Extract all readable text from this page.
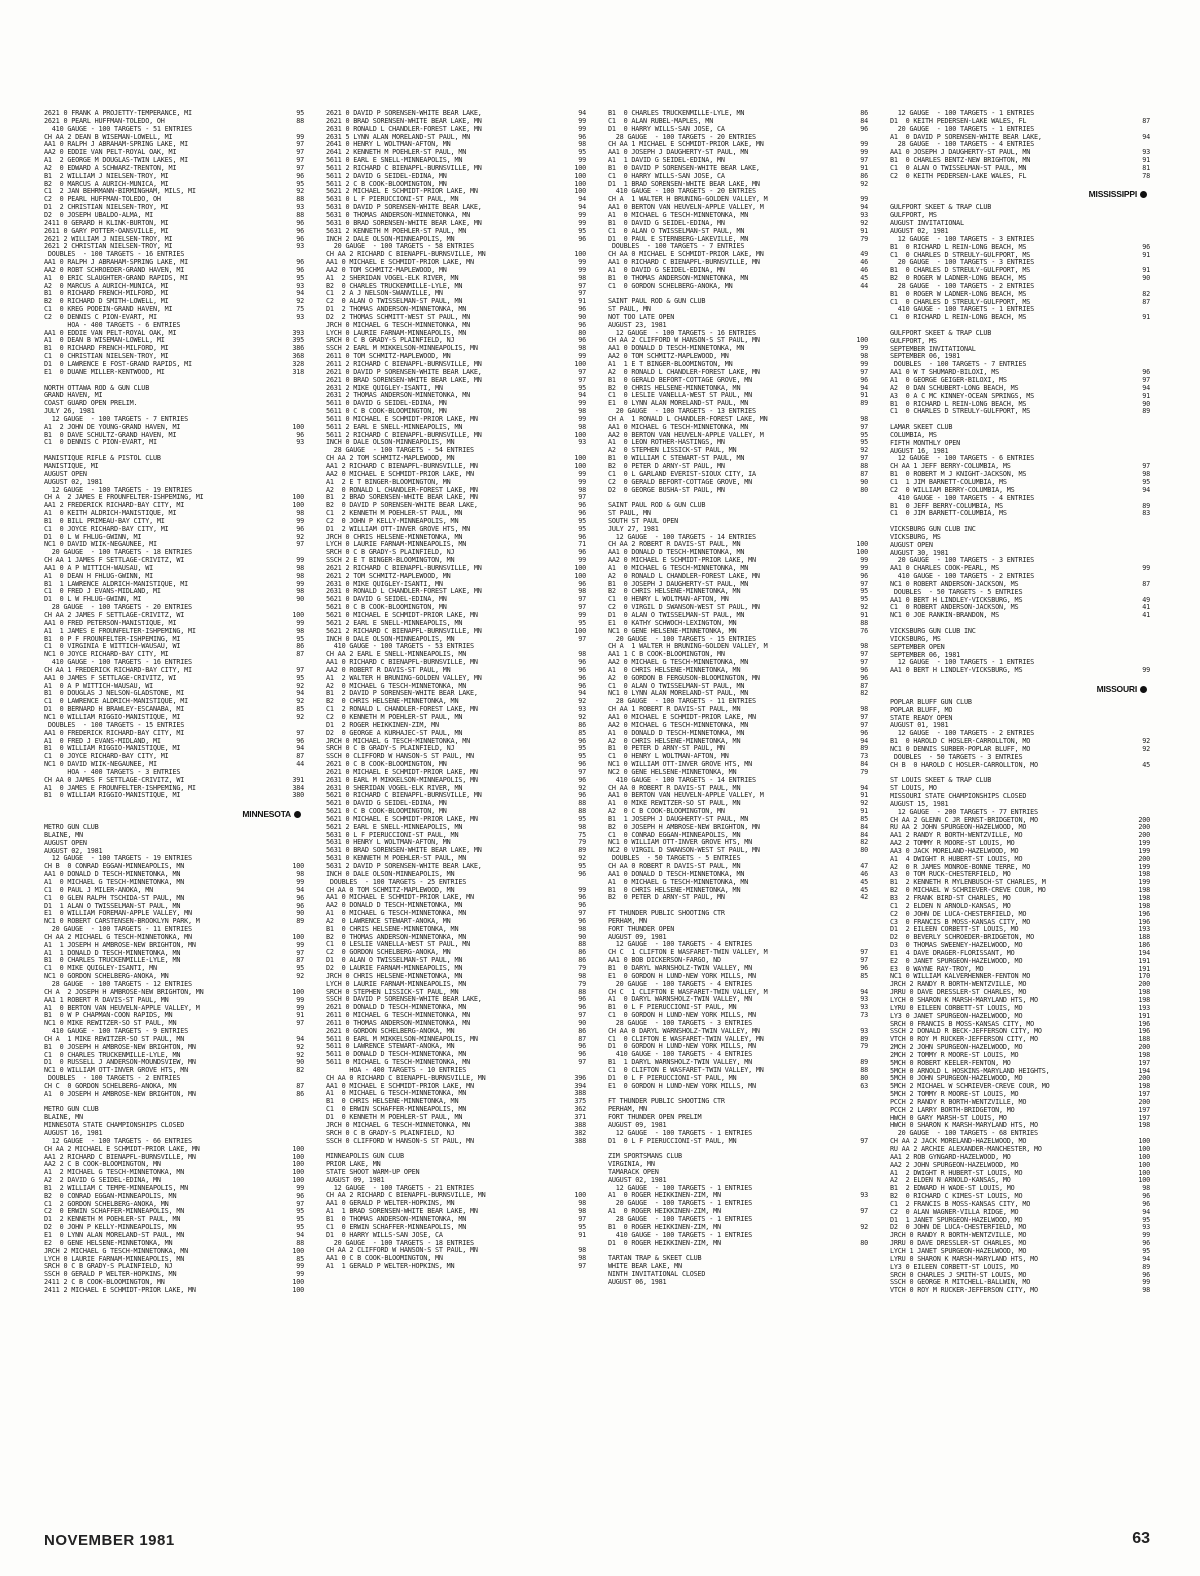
2621 0 FRANK A PROJETTY-TEMPERANCE, MI	95
2621 0 PEARL HUFFMAN-TOLEDO, OH	88
410 GAUGE - 100 TARGETS - 51 ENTRIES
CH AA 2 DEAN B WISEMAN-LOWELL, MI	99
AA1 0 RALPH J ABRAHAM-SPRING LAKE, MI	97
AA2 0 EDDIE VAN PELT-ROYAL OAK, MI	97
A1  2 GEORGE M DOUGLAS-TWIN LAKES, MI	97
A2  0 EDWARD A SCHWARZ-TRENTON, MI	97
B1  2 WILLIAM J NIELSEN-TROY, MI	96
B2  0 MARCUS A AURICH-MUNICA, MI	95
C1  2 JAN BEHRMANN-BIRMINGHAM, MILS, MI	92
C2  0 PEARL HUFFMAN-TOLEDO, OH	88
D1  2 CHRISTIAN NIELSEN-TROY, MI	93
D2  0 JOSEPH UBALDO-ALMA, MI	88
2411 0 GERARD H KLINK-BURTON, MI	96
2611 0 GARY POTTER-OANSVILLE, MI	96
2621 2 WILLIAM J NIELSEN-TROY, MI	96
2621 2 CHRISTIAN NIELSEN-TROY, MI	93
DOUBLES  - 100 TARGETS - 16 ENTRIES
AA1 0 RALPH J ABRAHAM-SPRING LAKE, MI	96
AA2 0 ROBT SCHROEDER-GRAND HAVEN, MI	96
A1  0 ERIC SLAUGHTER-GRAND RAPIDS, MI	95
A2  0 MARCUS A AURICH-MUNICA, MI	93
B1  0 RICHARD FRENCH-MILFORD, MI	94
B2  0 RICHARD D SMITH-LOWELL, MI	92
C1  0 KREG PODEIN-GRAND HAVEN, MI	75
C2  0 DENNIS C PION-EVART, MI	93
HOA - 400 TARGETS - 6 ENTRIES
AA1 0 EDDIE VAN PELT-ROYAL OAK, MI	393
A1  0 DEAN B WISEMAN-LOWELL, MI	395
B1  0 RICHARD FRENCH-MILFORD, MI	386
C1  0 CHRISTIAN NIELSEN-TROY, MI	368
D1  0 LAWRENCE E FOST-GRAND RAPIDS, MI	328
E1  0 DUANE MILLER-KENTWOOD, MI	318
NORTH OTTAWA ROD & GUN CLUB
GRAND HAVEN, MI
COAST GUARD OPEN PRELIM.
JULY 26, 1981
12 GAUGE  - 100 TARGETS - 7 ENTRIES
A1  2 JOHN DE YOUNG-GRAND HAVEN, MI	100
B1  0 DAVE SCHULTZ-GRAND HAVEN, MI	96
C1  0 DENNIS C PION-EVART, MI	93
MANISTIQUE RIFLE & PISTOL CLUB
MANISTIQUE, MI
AUGUST OPEN
AUGUST 02, 1981
12 GAUGE  - 100 TARGETS - 19 ENTRIES
CH A  2 JAMES E FROUNFELTER-ISHPEMING, MI	100
AA1 2 FREDERICK RICHARD-BAY CITY, MI	100
A1  0 KEITH ALDRICH-MANISTIQUE, MI	98
B1  0 BILL PRIMEAU-BAY CITY, MI	99
C1  0 JOYCE RICHARD-BAY CITY, MI	96
D1  0 L W FHLUG-GWINN, MI	92
NC1 0 DAVID WIIK-NEGAUNEE, MI	97
20 GAUGE  - 100 TARGETS - 18 ENTRIES
CH AA 1 JAMES F SETTLAGE-CRIVITZ, WI	99
AA1 0 A P WITTICH-WAUSAU, WI	98
A1  0 DEAN H FHLUG-GWINN, MI	98
B1  1 LAWRENCE ALDRICH-MANISTIQUE, MI	99
C1  0 FRED J EVANS-MIDLAND, MI	98
D1  0 L W FHLUG-GWINN, MI	90
28 GAUGE  - 100 TARGETS - 20 ENTRIES
CH AA 2 JAMES F SETTLAGE-CRIVITZ, WI	100
AA1 0 FRED PETERSON-MANISTIQUE, MI	99
A1  1 JAMES E FROUNFELTER-ISHPEMING, MI	98
B1  0 P F FROUNFELTER-ISHPEMING, MI	95
C1  0 VIRGINIA E WITTICH-WAUSAU, WI	86
NC1 0 JOYCE RICHARD-BAY CITY, MI	87
410 GAUGE - 100 TARGETS - 16 ENTRIES
CH AA 1 FREDERICK RICHARD-BAY CITY, MI	97
AA1 0 JAMES F SETTLAGE-CRIVITZ, WI	95
A1  0 A P WITTICH-WAUSAU, WI	92
B1  0 DOUGLAS J NELSON-GLADSTONE, MI	94
C1  0 LAWRENCE ALDRICH-MANISTIQUE, MI	92
D1  0 BERNARD H BRAWLEY-ESCANABA, MI	85
NC1 0 WILLIAM RIGGIO-MANISTIQUE, MI	92
DOUBLES  - 100 TARGETS - 15 ENTRIES
AA1 0 FREDERICK RICHARD-BAY CITY, MI	97
A1  0 FRED J EVANS-MIDLAND, MI	96
B1  0 WILLIAM RIGGIO-MANISTIQUE, MI	94
C1  0 JOYCE RICHARD-BAY CITY, MI	87
NC1 0 DAVID WIIK-NEGAUNEE, MI	44
HOA - 400 TARGETS - 3 ENTRIES
CH AA 0 JAMES F SETTLAGE-CRIVITZ, WI	391
A1  0 JAMES E FROUNFELTER-ISHPEMING, MI	384
B1  0 WILLIAM RIGGIO-MANISTIQUE, MI	380
MINNESOTA
METRO GUN CLUB
BLAINE, MN
AUGUST OPEN
AUGUST 02, 1981
12 GAUGE  - 100 TARGETS - 19 ENTRIES
CH B  0 CONRAD EGGAN-MINNEAPOLIS, MN	100
AA1 0 DONALD D TESCH-MINNETONKA, MN	98
A1  0 MICHAEL G TESCH-MINNETONKA, MN	99
C1  0 PAUL J MILER-ANOKA, MN	94
C1  0 GLEN RALPH TSCHIDA-ST PAUL, MN	96
D1  1 ALAN O TWISSELMAN-ST PAUL, MN	96
E1  0 WILLIAM FOREMAN-APPLE VALLEY, MN	90
NC1 0 ROBERT CARSTENSEN-BROOKLYN PARK, M	89
20 GAUGE  - 100 TARGETS - 11 ENTRIES
CH AA 2 MICHAEL G TESCH-MINNETONKA, MN	100
A1  1 JOSEPH H AMBROSE-NEW BRIGHTON, MN	99
A1  1 DONALD D TESCH-MINNETONKA, MN	97
B1  0 CHARLES TRUCKENMILLE-LYLE, MN	87
C1  0 MIKE QUIGLEY-ISANTI, MN	95
NC1 0 GORDON SCHELBERG-ANOKA, MN	92
28 GAUGE  - 100 TARGETS - 12 ENTRIES
CH A  2 JOSEPH H AMBROSE-NEW BRIGHTON, MN	100
AA1 1 ROBERT R DAVIS-ST PAUL, MN	99
A1  0 BERTON VAN HEUVELN-APPLE VALLEY, M	99
B1  0 W P CHAPMAN-COON RAPIDS, MN	91
NC1 0 MIKE REWITZER-SO ST PAUL, MN	97
410 GAUGE - 100 TARGETS - 9 ENTRIES
CH A  1 MIKE REWITZER-SO ST PAUL, MN	94
B1  0 JOSEPH H AMBROSE-NEW BRIGHTON, MN	92
C1  0 CHARLES TRUCKENMILLE-LYLE, MN	92
D1  0 RUSSELL J ANDERSON-MOUNDSVIEW, MN	90
NC1 0 WILLIAM OTT-INVER GROVE HTS, MN	82
DOUBLES  - 100 TARGETS - 2 ENTRIES
CH C  0 GORDON SCHELBERG-ANOKA, MN	87
A1  0 JOSEPH H AMBROSE-NEW BRIGHTON, MN	86
METRO GUN CLUB
BLAINE, MN
MINNESOTA STATE CHAMPIONSHIPS CLOSED
AUGUST 16, 1981
12 GAUGE  - 100 TARGETS - 66 ENTRIES
CH AA 2 MICHAEL E SCHMIDT-PRIOR LAKE, MN	100
AA1 2 RICHARD C BIENAPFL-BURNSVILLE, MN	100
AA2 2 C B COOK-BLOOMINGTON, MN	100
A1  2 MICHAEL G TESCH-MINNETONKA, MN	100
A2  2 DAVID G SEIDEL-EDINA, MN	100
B1  2 WILLIAM C TEMPE-MINNEAPOLIS, MN	99
B2  0 CONRAD EGGAN-MINNEAPOLIS, MN	96
C1  2 GORDON SCHELBERG-ANOKA, MN	97
C2  0 ERWIN SCHAFFER-MINNEAPOLIS, MN	95
D1  2 KENNETH M POEHLER-ST PAUL, MN	95
D2  0 JOHN P KELLY-MINNEAPOLIS, MN	95
E1  0 LYNN ALAN MORELAND-ST PAUL, MN	94
E2  0 GENE HELSENE-MINNETONKA, MN	88
JRCH 2 MICHAEL G TESCH-MINNETONKA, MN	100
LYCH 0 LAURIE FARNAM-MINNEAPOLIS, MN	85
SRCH 0 C B GRADY-S PLAINFIELD, NJ	99
SSCH 0 GERALD P WELTER-HOPKINS, MN	99
2411 2 C B COOK-BLOOMINGTON, MN	100
2411 2 MICHAEL E SCHMIDT-PRIOR LAKE, MN	100
2621 0 DAVID P SORENSEN-WHITE BEAR LAKE,	94
2621 0 BRAD SORENSEN-WHITE BEAR LAKE, MN	99
2631 0 RONALD L CHANDLER-FOREST LAKE, MN	99
2631 5 LYNN ALAN MORELAND-ST PAUL, MN	96
2641 0 HENRY L WOLTMAN-AFTON, MN	98
2641 2 KENNETH M POEHLER-ST PAUL, MN	95
5611 0 EARL E SNELL-MINNEAPOLIS, MN	99
5611 2 RICHARD C BIENAPFL-BURNSVILLE, MN	100
5611 2 DAVID G SEIDEL-EDINA, MN	100
5611 2 C B COOK-BLOOMINGTON, MN	100
5621 2 MICHAEL E SCHMIDT-PRIOR LAKE, MN	100
5631 0 L F PIERUCCIONI-ST PAUL, MN	94
5631 0 DAVID P SORENSEN-WHITE BEAR LAKE,	94
5631 0 THOMAS ANDERSON-MINNETONKA, MN	99
5631 0 BRAD SORENSEN-WHITE BEAR LAKE, MN	99
5631 2 KENNETH M POEHLER-ST PAUL, MN	95
INCH 2 DALE OLSON-MINNEAPOLIS, MN	96
20 GAUGE  - 100 TARGETS - 58 ENTRIES
CH AA 2 RICHARD C BIENAPFL-BURNSVILLE, MN	100
AA1 0 MICHAEL E SCHMIDT-PRIOR LAKE, MN	99
AA2 0 TOM SCHMITZ-MAPLEWOOD, MN	99
A1  2 SHERIDAN VOGEL-ELK RIVER, MN	98
B2  0 CHARLES TRUCKENMILLE-LYLE, MN	97
C1  2 A J NELSON-SWANVILLE, MN	97
C2  0 ALAN O TWISSELMAN-ST PAUL, MN	91
D1  2 THOMAS ANDERSON-MINNETONKA, MN	96
D2  2 THOMAS SCHMITT-WEST ST PAUL, MN	90
JRCH 0 MICHAEL G TESCH-MINNETONKA, MN	96
LYCH 0 LAURIE FARNAM-MINNEAPOLIS, MN	80
SRCH 0 C B GRADY-S PLAINFIELD, NJ	96
SSCH 2 EARL M MIKKELSON-MINNEAPOLIS, MN	98
2611 0 TOM SCHMITZ-MAPLEWOOD, MN	99
2611 2 RICHARD C BIENAPFL-BURNSVILLE, MN	100
2621 0 DAVID P SORENSEN-WHITE BEAR LAKE,	97
2621 0 BRAD SORENSEN-WHITE BEAR LAKE, MN	97
2631 2 MIKE QUIGLEY-ISANTI, MN	95
2631 2 THOMAS ANDERSON-MINNETONKA, MN	94
5611 0 DAVID G SEIDEL-EDINA, MN	99
5611 0 C B COOK-BLOOMINGTON, MN	98
5611 0 MICHAEL E SCHMIDT-PRIOR LAKE, MN	99
5611 2 EARL E SNELL-MINNEAPOLIS, MN	98
5611 2 RICHARD C BIENAPFL-BURNSVILLE, MN	100
INCH 0 DALE OLSON-MINNEAPOLIS, MN	93
28 GAUGE  - 100 TARGETS - 54 ENTRIES
CH AA 2 TOM SCHMITZ-MAPLEWOOD, MN	100
AA1 2 RICHARD C BIENAPFL-BURNSVILLE, MN	100
AA2 0 MICHAEL E SCHMIDT-PRIOR LAKE, MN	99
A1  2 E T BINGER-BLOOMINGTON, MN	99
A2  0 RONALD L CHANDLER-FOREST LAKE, MN	98
B1  2 BRAD SORENSEN-WHITE BEAR LAKE, MN	97
B2  0 DAVID P SORENSEN-WHITE BEAR LAKE,	96
C1  2 KENNETH M POEHLER-ST PAUL, MN	96
C2  0 JOHN P KELLY-MINNEAPOLIS, MN	95
D1  2 WILLIAM OTT-INVER GROVE HTS, MN	95
JRCH 0 CHRIS HELSENE-MINNETONKA, MN	96
LYCH 0 LAURIE FARNAM-MINNEAPOLIS, MN	71
SRCH 0 C B GRADY-S PLAINFIELD, NJ	96
SSCH 2 E T BINGER-BLOOMINGTON, MN	99
2621 2 RICHARD C BIENAPFL-BURNSVILLE, MN	100
2621 2 TOM SCHMITZ-MAPLEWOOD, MN	100
2631 0 MIKE QUIGLEY-ISANTI, MN	96
2631 0 RONALD L CHANDLER-FOREST LAKE, MN	98
5621 0 DAVID G SEIDEL-EDINA, MN	97
5621 0 C B COOK-BLOOMINGTON, MN	97
5621 0 MICHAEL E SCHMIDT-PRIOR LAKE, MN	99
5621 2 EARL E SNELL-MINNEAPOLIS, MN	95
5621 2 RICHARD C BIENAPFL-BURNSVILLE, MN	100
INCH 0 DALE OLSON-MINNEAPOLIS, MN	97
410 GAUGE - 100 TARGETS - 53 ENTRIES
CH AA 2 EARL E SNELL-MINNEAPOLIS, MN	98
AA1 0 RICHARD C BIENAPFL-BURNSVILLE, MN	96
AA2 0 ROBERT R DAVIS-ST PAUL, MN	96
A1  2 WALTER H BRUNING-GOLDEN VALLEY, MN	96
A2  0 MICHAEL G TESCH-MINNETONKA, MN	96
B1  2 DAVID P SORENSEN-WHITE BEAR LAKE,	94
B2  0 CHRIS HELSENE-MINNETONKA, MN	92
C1  2 RONALD L CHANDLER-FOREST LAKE, MN	93
C2  0 KENNETH M POEHLER-ST PAUL, MN	92
D1  2 ROGER HEIKKINEN-ZIM, MN	86
D2  0 GEORGE A KURHAJEC-ST PAUL, MN	85
JRCH 0 MICHAEL G TESCH-MINNETONKA, MN	96
SRCH 0 C B GRADY-S PLAINFIELD, NJ	95
SSCH 0 CLIFFORD W HANSON-S ST PAUL, MN	95
2621 0 C B COOK-BLOOMINGTON, MN	96
2621 0 MICHAEL E SCHMIDT-PRIOR LAKE, MN	97
2631 0 EARL M MIKKELSON-MINNEAPOLIS, MN	96
2631 0 SHERIDAN VOGEL-ELK RIVER, MN	92
5621 0 RICHARD C BIENAPFL-BURNSVILLE, MN	96
5621 0 DAVID G SEIDEL-EDINA, MN	88
5621 0 C B COOK-BLOOMINGTON, MN	88
5621 0 MICHAEL E SCHMIDT-PRIOR LAKE, MN	95
5621 2 EARL E SNELL-MINNEAPOLIS, MN	98
5631 0 L F PIERUCCIONI-ST PAUL, MN	75
5631 0 HENRY L WOLTMAN-AFTON, MN	79
5631 0 BRAD SORENSEN-WHITE BEAR LAKE, MN	89
5631 0 KENNETH M POEHLER-ST PAUL, MN	92
5631 2 DAVID P SORENSEN-WHITE BEAR LAKE,	95
INCH 0 DALE OLSON-MINNEAPOLIS, MN	96
DOUBLES  - 100 TARGETS - 25 ENTRIES
CH AA 0 TOM SCHMITZ-MAPLEWOOD, MN	99
AA1 0 MICHAEL E SCHMIDT-PRIOR LAKE, MN	96
AA2 0 DONALD D TESCH-MINNETONKA, MN	96
A1  0 MICHAEL G TESCH-MINNETONKA, MN	97
A2  0 LAWRENCE STEWART-ANOKA, MN	96
B1  0 CHRIS HELSENE-MINNETONKA, MN	98
B2  0 THOMAS ANDERSON-MINNETONKA, MN	90
C1  0 LESLIE VANELLA-WEST ST PAUL, MN	88
C2  0 GORDON SCHELBERG-ANOKA, MN	86
D1  0 ALAN O TWISSELMAN-ST PAUL, MN	86
D2  0 LAURIE FARNAM-MINNEAPOLIS, MN	79
JRCH 0 CHRIS HELSENE-MINNETONKA, MN	98
LYCH 0 LAURIE FARNAM-MINNEAPOLIS, MN	79
SRCH 0 STEPHEN LISSICK-ST PAUL, MN	88
SSCH 0 DAVID P SORENSEN-WHITE BEAR LAKE,	96
2621 0 DONALD D TESCH-MINNETONKA, MN	96
2611 0 MICHAEL G TESCH-MINNETONKA, MN	97
2611 0 THOMAS ANDERSON-MINNETONKA, MN	90
2621 0 GORDON SCHELBERG-ANOKA, MN	86
5611 0 EARL M MIKKELSON-MINNEAPOLIS, MN	87
5611 0 LAWRENCE STEWART-ANOKA, MN	96
5611 0 DONALD D TESCH-MINNETONKA, MN	96
5611 0 MICHAEL G TESCH-MINNETONKA, MN	97
HOA - 400 TARGETS - 10 ENTRIES
CH AA 0 RICHARD C BIENAPFL-BURNSVILLE, MN	396
AA1 0 MICHAEL E SCHMIDT-PRIOR LAKE, MN	394
A1  0 MICHAEL G TESCH-MINNETONKA, MN	388
B1  0 CHRIS HELSENE-MINNETONKA, MN	375
C1  0 ERWIN SCHAFFER-MINNEAPOLIS, MN	362
D1  0 KENNETH M POEHLER-ST PAUL, MN	371
JRCH 0 MICHAEL G TESCH-MINNETONKA, MN	388
SRCH 0 C B GRADY-S PLAINFIELD, NJ	382
SSCH 0 CLIFFORD W HANSON-S ST PAUL, MN	388
MINNEAPOLIS GUN CLUB
PRIOR LAKE, MN
STATE SHOOT WARM-UP OPEN
AUGUST 09, 1981
12 GAUGE  - 100 TARGETS - 21 ENTRIES
CH AA 2 RICHARD C BIENAPFL-BURNSVILLE, MN	100
AA1 0 GERALD P WELTER-HOPKINS, MN	98
A1  1 BRAD SORENSEN-WHITE BEAR LAKE, MN	98
B1  0 THOMAS ANDERSON-MINNETONKA, MN	97
C1  0 ERWIN SCHAFFER-MINNEAPOLIS, MN	95
D1  0 HARRY WILLS-SAN JOSE, CA	91
20 GAUGE  - 100 TARGETS - 18 ENTRIES
CH AA 2 CLIFFORD W HANSON-S ST PAUL, MN	98
AA1 0 C B COOK-BLOOMINGTON, MN	98
A1  1 GERALD P WELTER-HOPKINS, MN	97
B1  0 CHARLES TRUCKENMILLE-LYLE, MN	86
C1  0 ALAN RUBEL-MAPLES, MN	84
D1  0 HARRY WILLS-SAN JOSE, CA	96
28 GAUGE  - 100 TARGETS - 20 ENTRIES
CH AA 1 MICHAEL E SCHMIDT-PRIOR LAKE, MN	99
AA1 0 JOSEPH J DAUGHERTY-ST PAUL, MN	99
A1  1 DAVID G SEIDEL-EDINA, MN	97
B1  0 DAVID P SORENSEN-WHITE BEAR LAKE,	91
C1  0 HARRY WILLS-SAN JOSE, CA	86
D1  1 BRAD SORENSEN-WHITE BEAR LAKE, MN	92
410 GAUGE - 100 TARGETS - 20 ENTRIES
CH A  1 WALTER H BRUNING-GOLDEN VALLEY, M	99
AA1 0 BERTON VAN HEUVELN-APPLE VALLEY, M	94
A1  0 MICHAEL G TESCH-MINNETONKA, MN	93
B1  0 DAVID G SEIDEL-EDINA, MN	92
C1  0 ALAN O TWISSELMAN-ST PAUL, MN	91
D1  0 PAUL E STERNBERG-LAKEVILLE, MN	79
DOUBLES  - 100 TARGETS - 7 ENTRIES
CH AA 0 MICHAEL E SCHMIDT-PRIOR LAKE, MN	49
AA1 0 RICHARD C BIENAPFL-BURNSVILLE, MN	46
A1  0 DAVID G SEIDEL-EDINA, MN	46
B1  0 THOMAS ANDERSON-MINNETONKA, MN	45
C1  0 GORDON SCHELBERG-ANOKA, MN	44
SAINT PAUL ROD & GUN CLUB
ST PAUL, MN
NOT TOO LATE OPEN
AUGUST 23, 1981
12 GAUGE  - 100 TARGETS - 16 ENTRIES
CH AA 2 CLIFFORD W HANSON-S ST PAUL, MN	100
AA1 0 DONALD D TESCH-MINNETONKA, MN	99
AA2 0 TOM SCHMITZ-MAPLEWOOD, MN	98
A1  1 E T BINGER-BLOOMINGTON, MN	99
A2  0 RONALD L CHANDLER-FOREST LAKE, MN	97
B1  0 GERALD BEFORT-COTTAGE GROVE, MN	96
B2  0 CHRIS HELSENE-MINNETONKA, MN	94
C1  0 LESLIE VANELLA-WEST ST PAUL, MN	91
E1  0 LYNN ALAN MORELAND-ST PAUL, MN	89
20 GAUGE  - 100 TARGETS - 13 ENTRIES
CH A  1 RONALD L CHANDLER-FOREST LAKE, MN	98
AA1 0 MICHAEL G TESCH-MINNETONKA, MN	97
AA2 0 BERTON VAN HEUVELN-APPLE VALLEY, M	95
A1  0 LEON ROTHER-HASTINGS, MN	95
A2  0 STEPHEN LISSICK-ST PAUL, MN	92
B1  0 WILLIAM C STEWART-ST PAUL, MN	97
B2  0 PETER D ARNY-ST PAUL, MN	88
C1  0 L GARLAND EVERIST-SIOUX CITY, IA	87
C2  0 GERALD BEFORT-COTTAGE GROVE, MN	90
D2  0 GEORGE BUSHA-ST PAUL, MN	80
SAINT PAUL ROD & GUN CLUB
ST PAUL, MN
SOUTH ST PAUL OPEN
JULY 27, 1981
12 GAUGE  - 100 TARGETS - 14 ENTRIES
CH AA 2 ROBERT R DAVIS-ST PAUL, MN	100
AA1 0 DONALD D TESCH-MINNETONKA, MN	100
AA2 0 MICHAEL E SCHMIDT-PRIOR LAKE, MN	99
A1  0 MICHAEL G TESCH-MINNETONKA, MN	99
A2  0 RONALD L CHANDLER-FOREST LAKE, MN	96
B1  0 JOSEPH J DAUGHERTY-ST PAUL, MN	97
B2  0 CHRIS HELSENE-MINNETONKA, MN	95
C1  0 HENRY L WOLTMAN-AFTON, MN	95
C2  0 VIRGIL D SWANSON-WEST ST PAUL, MN	92
D1  0 ALAN O TWISSELMAN-ST PAUL, MN	91
E1  0 KATHY SCHWOCH-LEXINGTON, MN	88
NC1 0 GENE HELSENE-MINNETONKA, MN	76
20 GAUGE  - 100 TARGETS - 15 ENTRIES
CH A  1 WALTER H BRUNING-GOLDEN VALLEY, M	98
AA1 1 C B COOK-BLOOMINGTON, MN	97
AA2 0 MICHAEL G TESCH-MINNETONKA, MN	97
A1  0 CHRIS HELSENE-MINNETONKA, MN	96
A2  0 GORDON B FERGUSON-BLOOMINGTON, MN	96
C1  0 ALAN O TWISSELMAN-ST PAUL, MN	87
NC1 0 LYNN ALAN MORELAND-ST PAUL, MN	82
28 GAUGE  - 100 TARGETS - 11 ENTRIES
CH AA 1 ROBERT R DAVIS-ST PAUL, MN	98
AA1 0 MICHAEL E SCHMIDT-PRIOR LAKE, MN	97
AA2 0 MICHAEL G TESCH-MINNETONKA, MN	97
A1  0 DONALD D TESCH-MINNETONKA, MN	96
A2  0 CHRIS HELSENE-MINNETONKA, MN	94
B1  0 PETER D ARNY-ST PAUL, MN	89
C1  0 HENRY L WOLTMAN-AFTON, MN	73
NC1 0 WILLIAM OTT-INVER GROVE HTS, MN	84
NC2 0 GENE HELSENE-MINNETONKA, MN	79
410 GAUGE - 100 TARGETS - 14 ENTRIES
CH AA 0 ROBERT R DAVIS-ST PAUL, MN	94
AA1 0 BERTON VAN HEUVELN-APPLE VALLEY, M	91
A1  0 MIKE REWITZER-SO ST PAUL, MN	92
A2  0 C B COOK-BLOOMINGTON, MN	91
B1  1 JOSEPH J DAUGHERTY-ST PAUL, MN	85
B2  0 JOSEPH H AMBROSE-NEW BRIGHTON, MN	84
C1  0 CONRAD EGGAN-MINNEAPOLIS, MN	84
NC1 0 WILLIAM OTT-INVER GROVE HTS, MN	82
NC2 0 VIRGIL D SWANSON-WEST ST PAUL, MN	80
DOUBLES  - 50 TARGETS - 5 ENTRIES
CH AA 0 ROBERT R DAVIS-ST PAUL, MN	47
AA1 0 DONALD D TESCH-MINNETONKA, MN	46
A1  0 MICHAEL G TESCH-MINNETONKA, MN	45
B1  0 CHRIS HELSENE-MINNETONKA, MN	45
B2  0 PETER D ARNY-ST PAUL, MN	42
FT THUNDER PUBLIC SHOOTING CTR
PERHAM, MN
FORT THUNDER OPEN
AUGUST 09, 1981
12 GAUGE  - 100 TARGETS - 4 ENTRIES
CH C  1 CLIFTON E WASFARET-TWIN VALLEY, M	97
AA1 0 BOB DICKERSON-FARGO, ND	97
B1  0 DARYL WARNSHOLZ-TWIN VALLEY, MN	96
E1  0 GORDON H LUND-NEW YORK MILLS, MN	85
20 GAUGE  - 100 TARGETS - 4 ENTRIES
CH C  1 CLIFTON E WASFARET-TWIN VALLEY, M	94
A1  0 DARYL WARNSHOLZ-TWIN VALLEY, MN	93
B1  0 L F PIERUCCIONI-ST PAUL, MN	93
C1  0 GORDON H LUND-NEW YORK MILLS, MN	73
28 GAUGE  - 100 TARGETS - 3 ENTRIES
CH AA 0 DARYL WARNSHOLZ-TWIN VALLEY, MN	93
C1  0 CLIFTON E WASFARET-TWIN VALLEY, MN	89
D1  0 GORDON H LUND-NEW YORK MILLS, MN	79
410 GAUGE - 100 TARGETS - 4 ENTRIES
B1  1 DARYL WARNSHOLZ-TWIN VALLEY, MN	89
C1  0 CLIFTON E WASFARET-TWIN VALLEY, MN	88
D1  0 L F PIERUCCIONI-ST PAUL, MN	80
E1  0 GORDON H LUND-NEW YORK MILLS, MN	63
FT THUNDER PUBLIC SHOOTING CTR
PERHAM, MN
FORT THUNDER OPEN PRELIM
AUGUST 09, 1981
12 GAUGE  - 100 TARGETS - 1 ENTRIES
D1  0 L F PIERUCCIONI-ST PAUL, MN	97
ZIM SPORTSMANS CLUB
VIRGINIA, MN
TAMARACK OPEN
AUGUST 02, 1981
12 GAUGE  - 100 TARGETS - 1 ENTRIES
A1  0 ROGER HEIKKINEN-ZIM, MN	93
20 GAUGE  - 100 TARGETS - 1 ENTRIES
A1  0 ROGER HEIKKINEN-ZIM, MN	97
28 GAUGE  - 100 TARGETS - 1 ENTRIES
B1  0 ROGER HEIKKINEN-ZIM, MN	92
410 GAUGE - 100 TARGETS - 1 ENTRIES
D1  0 ROGER HEIKKINEN-ZIM, MN	80
TARTAN TRAP & SKEET CLUB
WHITE BEAR LAKE, MN
NINTH INVITATIONAL CLOSED
AUGUST 06, 1981
12 GAUGE  - 100 TARGETS - 1 ENTRIES
D1  0 KEITH PEDERSEN-LAKE WALES, FL	87
20 GAUGE  - 100 TARGETS - 1 ENTRIES
A1  0 DAVID P SORENSEN-WHITE BEAR LAKE,	94
28 GAUGE  - 100 TARGETS - 4 ENTRIES
AA1 0 JOSEPH J DAUGHERTY-ST PAUL, MN	93
B1  0 CHARLES BENTZ-NEW BRIGHTON, MN	91
C1  0 ALAN O TWISSELMAN-ST PAUL, MN	81
C2  0 KEITH PEDERSEN-LAKE WALES, FL	78
MISSISSIPPI
GULFPORT SKEET & TRAP CLUB
GULFPORT, MS
AUGUST INVITATIONAL
AUGUST 02, 1981
12 GAUGE  - 100 TARGETS - 3 ENTRIES
B1  0 RICHARD L REIN-LONG BEACH, MS	96
C1  0 CHARLES D STREULY-GULFPORT, MS	91
20 GAUGE  - 100 TARGETS - 3 ENTRIES
B1  0 CHARLES D STREULY-GULFPORT, MS	91
B2  0 ROGER W LADNER-LONG BEACH, MS	90
28 GAUGE  - 100 TARGETS - 2 ENTRIES
B1  0 ROGER W LADNER-LONG BEACH, MS	82
C1  0 CHARLES D STREULY-GULFPORT, MS	87
410 GAUGE - 100 TARGETS - 1 ENTRIES
C1  0 RICHARD L REIN-LONG BEACH, MS	91
GULFPORT SKEET & TRAP CLUB
GULFPORT, MS
SEPTEMBER INVITATIONAL
SEPTEMBER 06, 1981
DOUBLES  - 100 TARGETS - 7 ENTRIES
AA1 0 W T SHUMARD-BILOXI, MS	96
A1  0 GEORGE GEIGER-BILOXI, MS	97
A2  0 DAN SCHUBERT-LONG BEACH, MS	94
A3  0 A C MC KINNEY-OCEAN SPRINGS, MS	91
B1  0 RICHARD L REIN-LONG BEACH, MS	90
C1  0 CHARLES D STREULY-GULFPORT, MS	89
LAMAR SKEET CLUB
COLUMBIA, MS
FIFTH MONTHLY OPEN
AUGUST 16, 1981
12 GAUGE  - 100 TARGETS - 6 ENTRIES
CH AA 1 JEFF BERRY-COLUMBIA, MS	97
B1  0 ROBERT M J KNIGHT-JACKSON, MS	98
C1  1 JIM BARNETT-COLUMBIA, MS	95
C2  0 WILLIAM BERRY-COLUMBIA, MS	94
410 GAUGE - 100 TARGETS - 4 ENTRIES
B1  0 JEFF BERRY-COLUMBIA, MS	89
C1  0 JIM BARNETT-COLUMBIA, MS	83
VICKSBURG GUN CLUB INC
VICKSBURG, MS
AUGUST OPEN
AUGUST 30, 1981
20 GAUGE  - 100 TARGETS - 3 ENTRIES
AA1 0 CHARLES COOK-PEARL, MS	99
410 GAUGE - 100 TARGETS - 2 ENTRIES
NC1 0 ROBERT ANDERSON-JACKSON, MS	87
DOUBLES  - 50 TARGETS - 5 ENTRIES
AA1 0 BERT H LINDLEY-VICKSBURG, MS	49
C1  0 ROBERT ANDERSON-JACKSON, MS	41
NC1 0 JOE RANKIN-BRANDON, MS	41
VICKSBURG GUN CLUB INC
VICKSBURG, MS
SEPTEMBER OPEN
SEPTEMBER 06, 1981
12 GAUGE  - 100 TARGETS - 1 ENTRIES
AA1 0 BERT H LINDLEY-VICKSBURG, MS	99
MISSOURI
POPLAR BLUFF GUN CLUB
POPLAR BLUFF, MO
STATE READY OPEN
AUGUST 01, 1981
12 GAUGE  - 100 TARGETS - 2 ENTRIES
B1  0 HAROLD C HOSLER-CARROLLTON, MO	92
NC1 0 DENNIS SURBER-POPLAR BLUFF, MO	92
DOUBLES  - 50 TARGETS - 3 ENTRIES
CH B  0 HAROLD C HOSLER-CARROLLTON, MO	45
ST LOUIS SKEET & TRAP CLUB
ST LOUIS, MO
MISSOURI STATE CHAMPIONSHIPS CLOSED
AUGUST 15, 1981
12 GAUGE  - 200 TARGETS - 77 ENTRIES
CH AA 2 GLENN C JR ERNST-BRIDGETON, MO	200
RU AA 2 JOHN SPURGEON-HAZELWOOD, MO	200
AA1 2 RANDY R BORTH-WENTZVILLE, MO	200
AA2 2 TOMMY R MOORE-ST LOUIS, MO	199
AA3 0 JACK MORELAND-HAZELWOOD, MO	199
A1  4 DWIGHT R HUBERT-ST LOUIS, MO	200
A2  0 R JAMES MONROE-BONNE TERRE, MO	199
A3  0 TOM RUCK-CHESTERFIELD, MO	198
B1  2 KENNETH R MYLENBUSCH-ST CHARLES, M	199
B2  0 MICHAEL W SCHRIEVER-CREVE COUR, MO	198
B3  2 FRANK BIRD-ST CHARLES, MO	198
C1  2 ELDEN N ARNOLD-KANSAS, MO	198
C2  0 JOHN DE LUCA-CHESTERFIELD, MO	196
C3  0 FRANCIS B MOSS-KANSAS CITY, MO	196
D1  2 EILEEN CORBETT-ST LOUIS, MO	193
D2  0 BEVERLY SCHROEDER-BRIDGETON, MO	188
D3  0 THOMAS SWEENEY-HAZELWOOD, MO	186
E1  4 DAVE DRAGER-FLORISSANT, MO	194
E2  0 JANET SPURGEON-HAZELWOOD, MO	191
E3  0 WAYNE RAY-TROY, MO	191
NC1 0 WILLIAM KALVERHENNER-FENTON MO	170
JRCH 2 RANDY R BORTH-WENTZVILLE, MO	200
JRRU 0 DAVE DRESSLER-ST CHARLES, MO	198
LYCH 0 SHARON K MARSH-MARYLAND HTS, MO	198
LYRU 0 EILEEN CORBETT-ST LOUIS, MO	193
LY3 0 JANET SPURGEON-HAZELWOOD, MO	191
SRCH 0 FRANCIS B MOSS-KANSAS CITY, MO	196
SSCH 2 DONALD R BECK-JEFFERSON CITY, MO	196
VTCH 0 ROY M RUCKER-JEFFERSON CITY, MO	188
2MCH 2 JOHN SPURGEON-HAZELWOOD, MO	200
2MCH 2 TOMMY R MOORE-ST LOUIS, MO	198
5MCH 0 ROBERT KEELER-FENTON, MO	197
5MCH 0 ARNOLD L HOSKINS-MARYLAND HEIGHTS,	194
5MCH 0 JOHN SPURGEON-HAZELWOOD, MO	200
5MCH 2 MICHAEL W SCHRIEVER-CREVE COUR, MO	198
5MCH 2 TOMMY R MOORE-ST LOUIS, MO	197
PCCH 2 RANDY R BORTH-WENTZVILLE, MO	200
PCCH 2 LARRY BORTH-BRIDGETON, MO	197
HWCH 0 GARY MARSH-ST LOUIS, MO	197
HWCH 0 SHARON K MARSH-MARYLAND HTS, MO	198
20 GAUGE  - 100 TARGETS - 68 ENTRIES
CH AA 2 JACK MORELAND-HAZELWOOD, MO	100
RU AA 2 ARCHIE ALEXANDER-MANCHESTER, MO	100
AA1 2 ROB GYNGARD-HAZELWOOD, MO	100
AA2 2 JOHN SPURGEON-HAZELWOOD, MO	100
A1  2 DWIGHT R HUBERT-ST LOUIS, MO	100
A2  2 ELDEN N ARNOLD-KANSAS, MO	100
B1  2 EDWARD H WADE-ST LOUIS, MO	98
B2  0 RICHARD C KIMES-ST LOUIS, MO	96
C1  2 FRANCIS B MOSS-KANSAS CITY, MO	96
C2  0 ALAN WAGNER-VILLA RIDGE, MO	94
D1  1 JANET SPURGEON-HAZELWOOD, MO	95
D2  0 JOHN DE LUCA-CHESTERFIELD, MO	93
JRCH 0 RANDY R BORTH-WENTZVILLE, MO	99
JRRU 0 DAVE DRESSLER-ST CHARLES, MO	96
LYCH 1 JANET SPURGEON-HAZELWOOD, MO	95
LYRU 0 SHARON K MARSH-MARYLAND HTS, MO	94
LY3 0 EILEEN CORBETT-ST LOUIS, MO	89
SRCH 0 CHARLES J SMITH-ST LOUIS, MO	96
SSCH 0 GEORGE R MITCHELL-BALLWIN, MO	99
VTCH 0 ROY M RUCKER-JEFFERSON CITY, MO	98
NOVEMBER 1981	63
